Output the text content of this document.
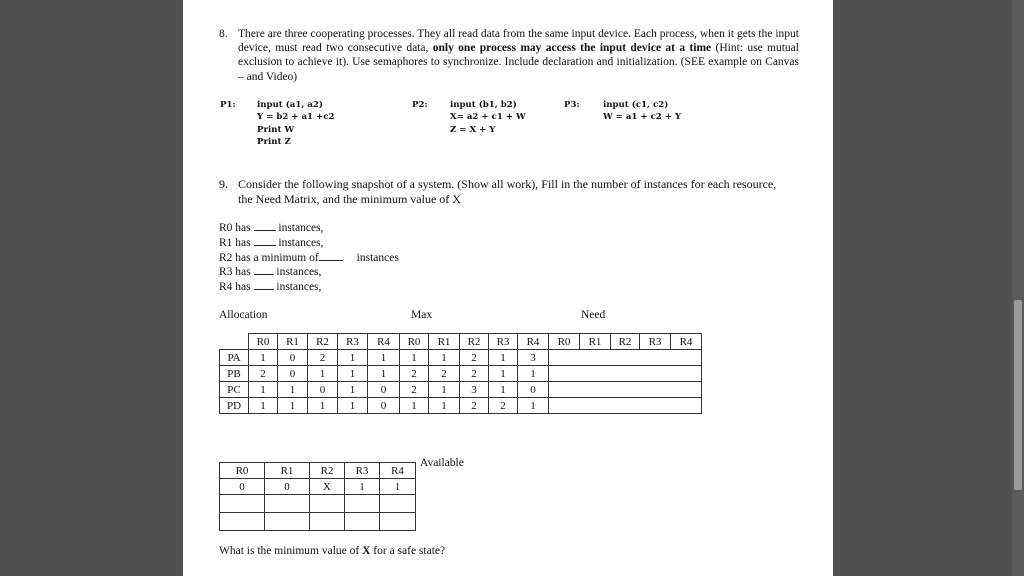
8. There are three cooperating processes. They all read data from the same input device. Each process, when it gets the input device, must read two consecutive data, only one process may access the input device at a time (Hint: use mutual exclusion to achieve it). Use semaphores to synchronize. Include declaration and initialization. (SEE example on Canvas – and Video)
P1: input (a1, a2)
Y = b2 + a1 +c2
Print W
Print Z
P2:	input (b1, b2)
X= a2 + c1 + W
Z = X + Y
P3:	input (c1, c2)
W = a1 + c2 + Y
9. Consider the following snapshot of a system. (Show all work), Fill in the number of instances for each resource, the Need Matrix, and the minimum value of X
R0 has instances,
R1 has instances,
R2 has a minimum of	instances
R3 has instances,
R4 has instances,
Allocation	Max	Need
	R0	R1	R2	R3	R4	R0	R1	R2	R3	R4	R0	R1	R2	R3	R4
PA	1	0	2	1	1	1	1	2	1	3					
PB	2	0	1	1	1	2	2	2	1	1					
PC	1	1	0	1	0	2	1	3	1	0					
PD	1	1	1	1	0	1	1	2	2	1					
R0	R1	R2	R3	R4
0	0	X	1	1

Available
What is the minimum value of X for a safe state?
